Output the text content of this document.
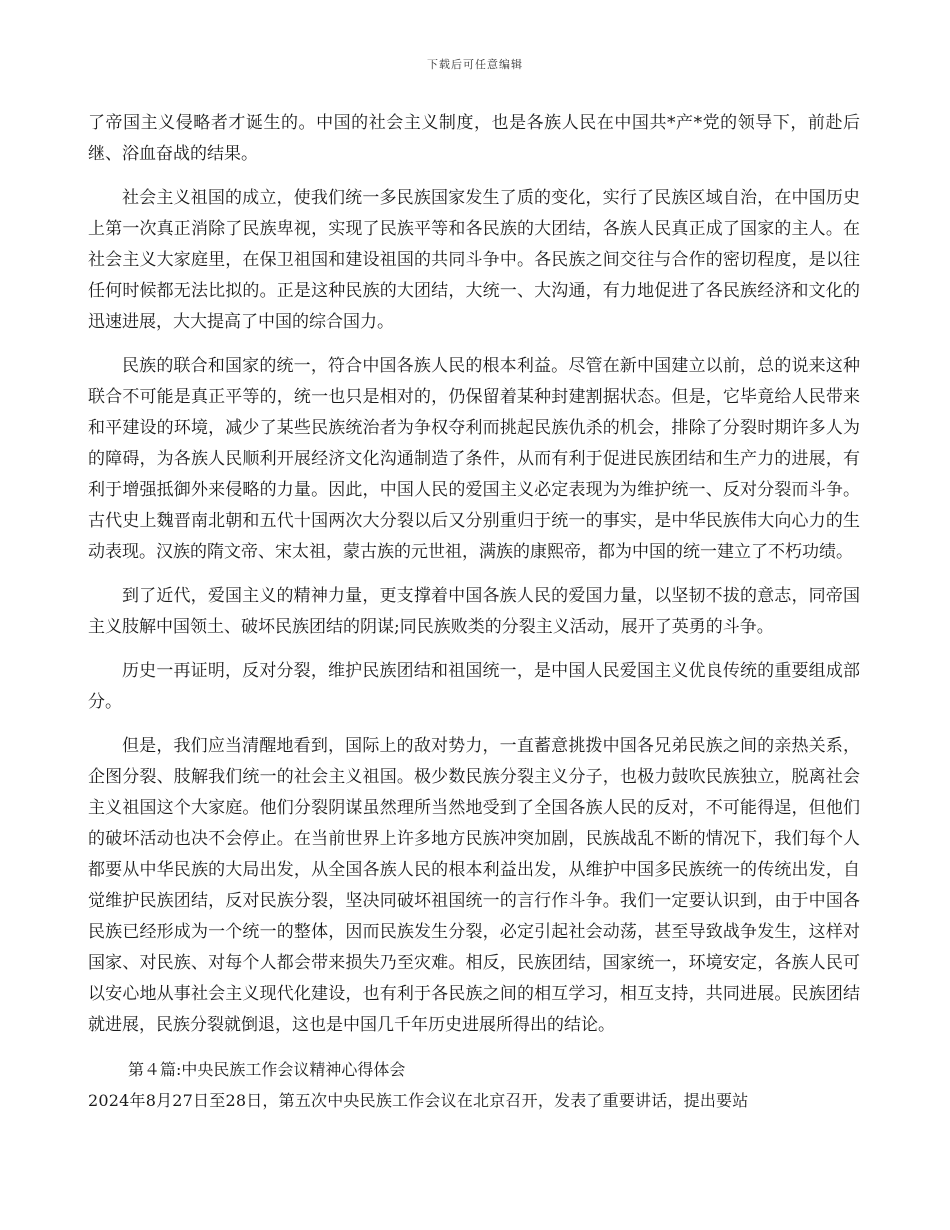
下载后可任意编辑

了帝国主义侵略者才诞生的。中国的社会主义制度，也是各族人民在中国共*产*党的领导下，前赴后继、浴血奋战的结果。

社会主义祖国的成立，使我们统一多民族国家发生了质的变化，实行了民族区域自治，在中国历史上第一次真正消除了民族卑视，实现了民族平等和各民族的大团结，各族人民真正成了国家的主人。在社会主义大家庭里，在保卫祖国和建设祖国的共同斗争中。各民族之间交往与合作的密切程度，是以往任何时候都无法比拟的。正是这种民族的大团结，大统一、大沟通，有力地促进了各民族经济和文化的迅速进展，大大提高了中国的综合国力。

民族的联合和国家的统一，符合中国各族人民的根本利益。尽管在新中国建立以前，总的说来这种联合不可能是真正平等的，统一也只是相对的，仍保留着某种封建割据状态。但是，它毕竟给人民带来和平建设的环境，减少了某些民族统治者为争权夺利而挑起民族仇杀的机会，排除了分裂时期许多人为的障碍，为各族人民顺利开展经济文化沟通制造了条件，从而有利于促进民族团结和生产力的进展，有利于增强抵御外来侵略的力量。因此，中国人民的爱国主义必定表现为为维护统一、反对分裂而斗争。古代史上魏晋南北朝和五代十国两次大分裂以后又分别重归于统一的事实，是中华民族伟大向心力的生动表现。汉族的隋文帝、宋太祖，蒙古族的元世祖，满族的康熙帝，都为中国的统一建立了不朽功绩。

到了近代，爱国主义的精神力量，更支撑着中国各族人民的爱国力量，以坚韧不拔的意志，同帝国主义肢解中国领土、破坏民族团结的阴谋;同民族败类的分裂主义活动，展开了英勇的斗争。

历史一再证明，反对分裂，维护民族团结和祖国统一，是中国人民爱国主义优良传统的重要组成部分。

但是，我们应当清醒地看到，国际上的敌对势力，一直蓄意挑拨中国各兄弟民族之间的亲热关系，企图分裂、肢解我们统一的社会主义祖国。极少数民族分裂主义分子，也极力鼓吹民族独立，脱离社会主义祖国这个大家庭。他们分裂阴谋虽然理所当然地受到了全国各族人民的反对，不可能得逞，但他们的破坏活动也决不会停止。在当前世界上许多地方民族冲突加剧，民族战乱不断的情况下，我们每个人都要从中华民族的大局出发，从全国各族人民的根本利益出发，从维护中国多民族统一的传统出发，自觉维护民族团结，反对民族分裂，坚决同破坏祖国统一的言行作斗争。我们一定要认识到，由于中国各民族已经形成为一个统一的整体，因而民族发生分裂，必定引起社会动荡，甚至导致战争发生，这样对国家、对民族、对每个人都会带来损失乃至灾难。相反，民族团结，国家统一，环境安定，各族人民可以安心地从事社会主义现代化建设，也有利于各民族之间的相互学习，相互支持，共同进展。民族团结就进展，民族分裂就倒退，这也是中国几千年历史进展所得出的结论。

第４篇:中央民族工作会议精神心得体会

2024年8月27日至28日，第五次中央民族工作会议在北京召开，发表了重要讲话，提出要站
